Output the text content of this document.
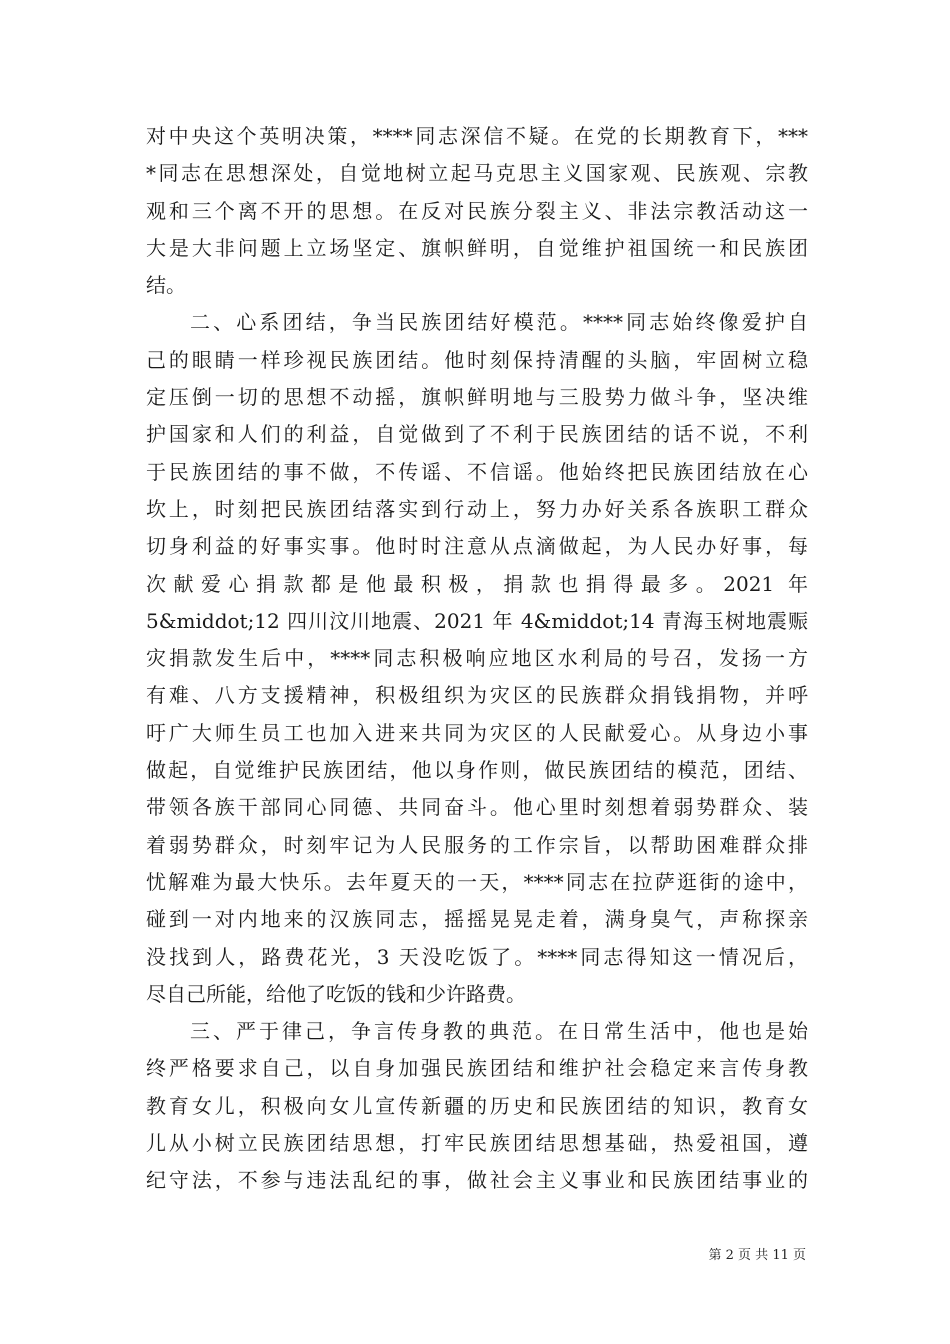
对中央这个英明决策，****同志深信不疑。在党的长期教育下，***
*同志在思想深处，自觉地树立起马克思主义国家观、民族观、宗教
观和三个离不开的思想。在反对民族分裂主义、非法宗教活动这一
大是大非问题上立场坚定、旗帜鲜明，自觉维护祖国统一和民族团
结。
二、心系团结，争当民族团结好模范。****同志始终像爱护自
己的眼睛一样珍视民族团结。他时刻保持清醒的头脑，牢固树立稳
定压倒一切的思想不动摇，旗帜鲜明地与三股势力做斗争，坚决维
护国家和人们的利益，自觉做到了不利于民族团结的话不说，不利
于民族团结的事不做，不传谣、不信谣。他始终把民族团结放在心
坎上，时刻把民族团结落实到行动上，努力办好关系各族职工群众
切身利益的好事实事。他时时注意从点滴做起，为人民办好事，每
次献爱心捐款都是他最积极，捐款也捐得最多。2021 年
5&middot;12 四川汶川地震、2021 年 4&middot;14 青海玉树地震赈
灾捐款发生后中，****同志积极响应地区水利局的号召，发扬一方
有难、八方支援精神，积极组织为灾区的民族群众捐钱捐物，并呼
吁广大师生员工也加入进来共同为灾区的人民献爱心。从身边小事
做起，自觉维护民族团结，他以身作则，做民族团结的模范，团结、
带领各族干部同心同德、共同奋斗。他心里时刻想着弱势群众、装
着弱势群众，时刻牢记为人民服务的工作宗旨，以帮助困难群众排
忧解难为最大快乐。去年夏天的一天，****同志在拉萨逛街的途中，
碰到一对内地来的汉族同志，摇摇晃晃走着，满身臭气，声称探亲
没找到人，路费花光，3 天没吃饭了。****同志得知这一情况后，
尽自己所能，给他了吃饭的钱和少许路费。
三、严于律己，争言传身教的典范。在日常生活中，他也是始
终严格要求自己，以自身加强民族团结和维护社会稳定来言传身教
教育女儿，积极向女儿宣传新疆的历史和民族团结的知识，教育女
儿从小树立民族团结思想，打牢民族团结思想基础，热爱祖国，遵
纪守法，不参与违法乱纪的事，做社会主义事业和民族团结事业的
第 2 页 共 11 页
